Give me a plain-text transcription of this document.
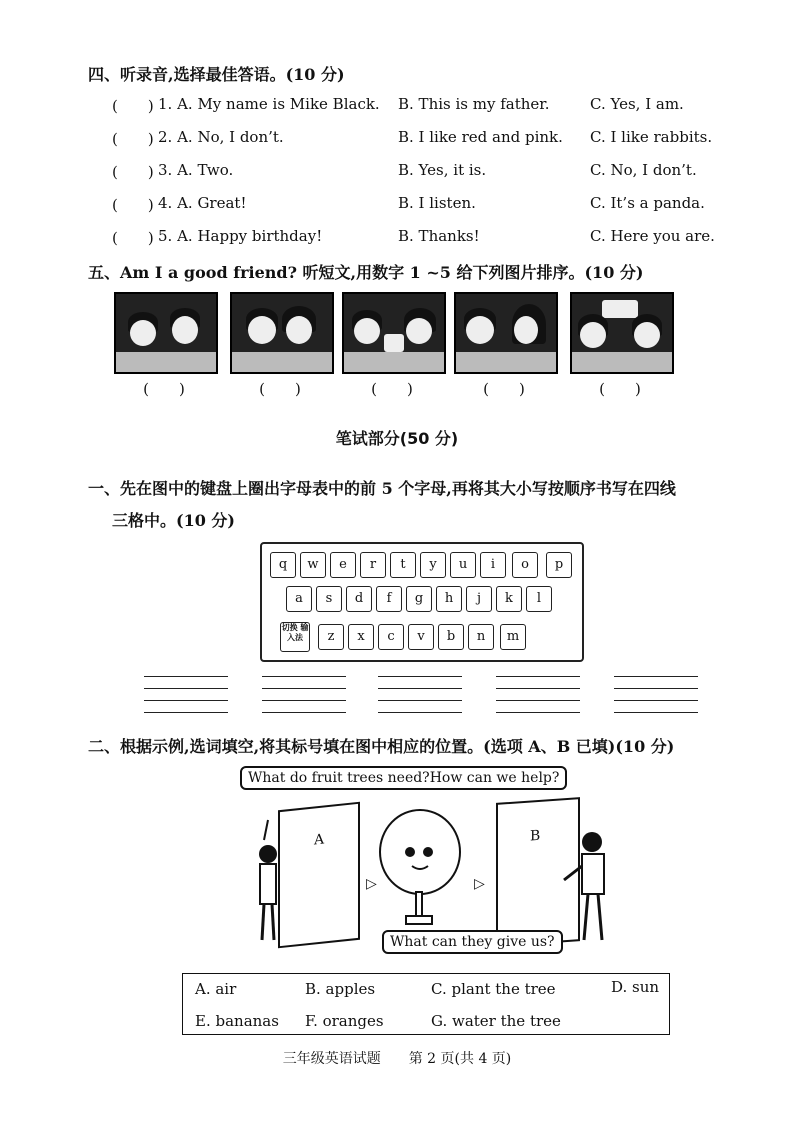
四、听录音,选择最佳答语。(10 分)
(　　) 1. A. My name is Mike Black. B. This is my father.	C. Yes, I am.
(　　) 2. A. No, I don’t.	B. I like red and pink. C. I like rabbits.
(　　) 3. A. Two.	B. Yes, it is.	C. No, I don’t.
(　　) 4. A. Great!	B. I listen.	C. It’s a panda.
(　　) 5. A. Happy birthday!	B. Thanks!	C. Here you are.
五、Am I a good friend? 听短文,用数字 1 ~5 给下列图片排序。(10 分)
(　　)	(　　)	(　　)	(　　)	(　　)
笔试部分(50 分)
一、先在图中的键盘上圈出字母表中的前 5 个字母,再将其大小写按顺序书写在四线
三格中。(10 分)
q	w	e	r	t	y	u	i	o	p
a	s	d	f	g	h	j	k	l
切换 输入法	z	x	c	v	b	n	m
二、根据示例,选词填空,将其标号填在图中相应的位置。(选项 A、B 已填)(10 分)
What do fruit trees need?How can we help?
A
▷	▷
B
What can they give us?
A. air	B. apples	C. plant the tree	D. sun
E. bananas F. oranges	G. water the tree
三年级英语试题　　第 2 页(共 4 页)
